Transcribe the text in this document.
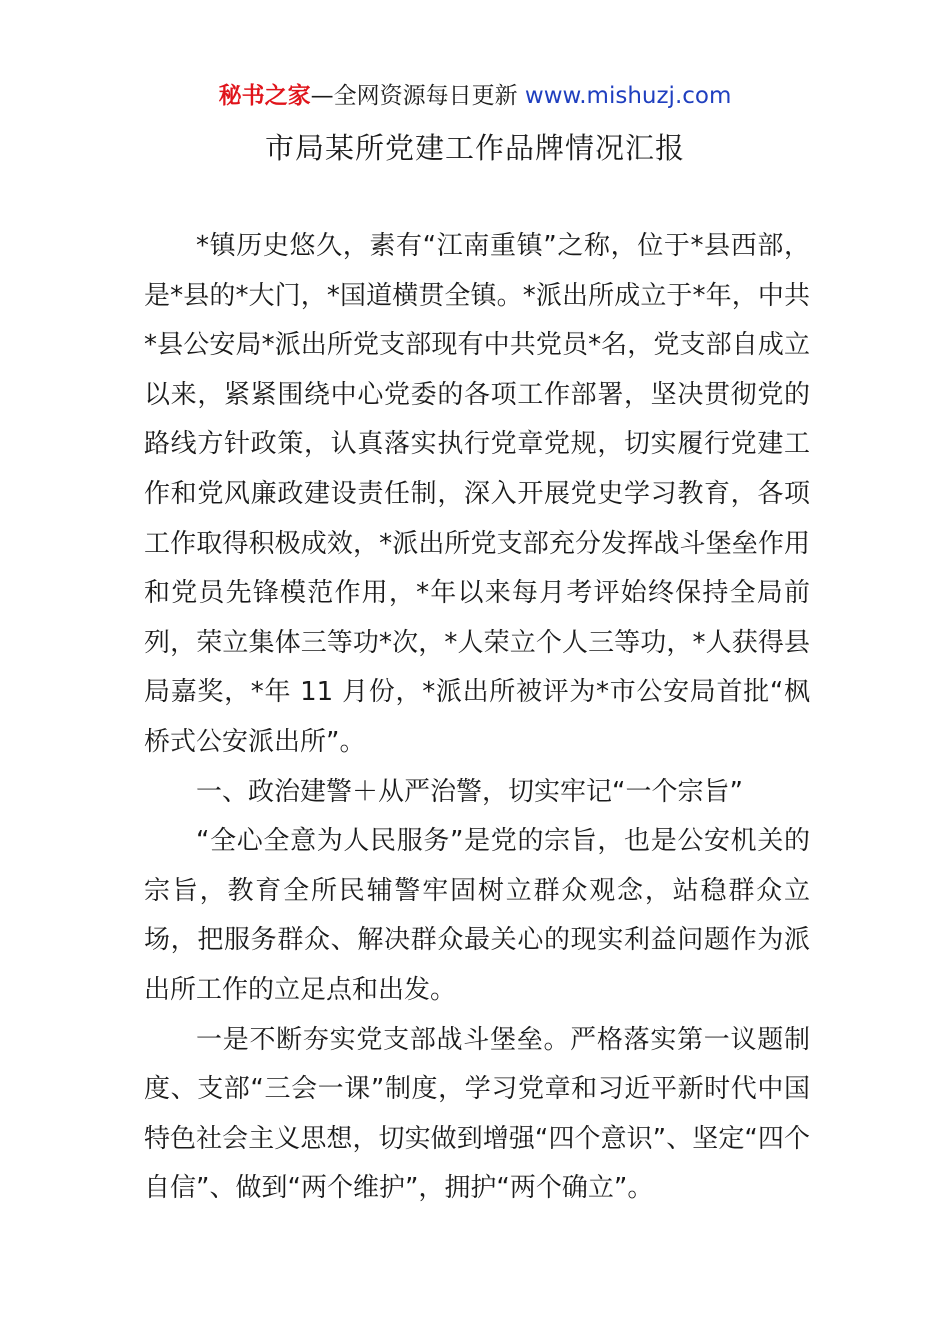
秘书之家—全网资源每日更新 www.mishuzj.com
市局某所党建工作品牌情况汇报

*镇历史悠久，素有“江南重镇”之称，位于*县西部，是*县的*大门，*国道横贯全镇。*派出所成立于*年，中共*县公安局*派出所党支部现有中共党员*名，党支部自成立以来，紧紧围绕中心党委的各项工作部署，坚决贯彻党的路线方针政策，认真落实执行党章党规，切实履行党建工作和党风廉政建设责任制，深入开展党史学习教育，各项工作取得积极成效，*派出所党支部充分发挥战斗堡垒作用和党员先锋模范作用，*年以来每月考评始终保持全局前列，荣立集体三等功*次，*人荣立个人三等功，*人获得县局嘉奖，*年 11 月份，*派出所被评为*市公安局首批“枫桥式公安派出所”。

一、政治建警＋从严治警，切实牢记“一个宗旨”

“全心全意为人民服务”是党的宗旨，也是公安机关的宗旨，教育全所民辅警牢固树立群众观念，站稳群众立场，把服务群众、解决群众最关心的现实利益问题作为派出所工作的立足点和出发。

一是不断夯实党支部战斗堡垒。严格落实第一议题制度、支部“三会一课”制度，学习党章和习近平新时代中国特色社会主义思想，切实做到增强“四个意识”、坚定“四个自信”、做到“两个维护”，拥护“两个确立”。
